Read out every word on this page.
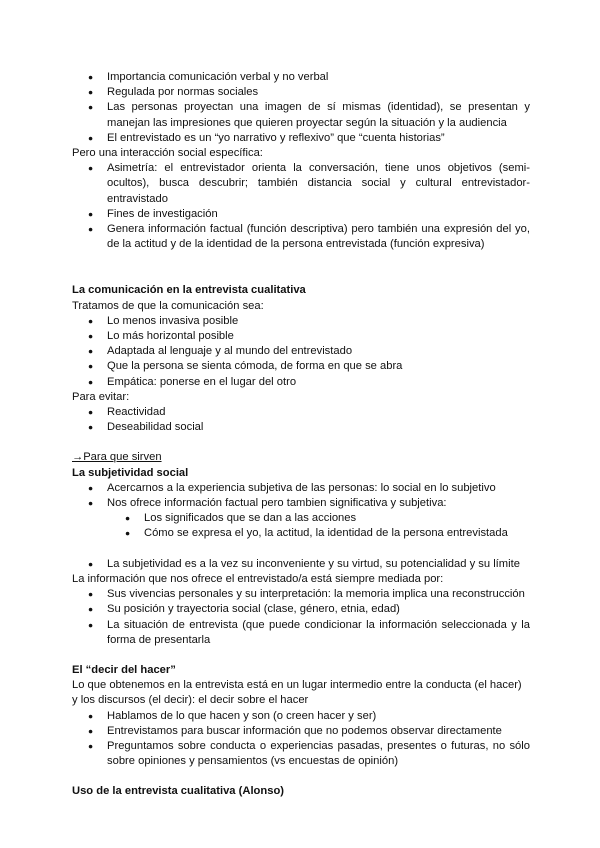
● Importancia comunicación verbal y no verbal
● Regulada por normas sociales
● Las personas proyectan una imagen de sí mismas (identidad), se presentan y manejan las impresiones que quieren proyectar según la situación y la audiencia
● El entrevistado es un “yo narrativo y reflexivo” que “cuenta historias”

Pero una interacción social específica:

● Asimetría: el entrevistador orienta la conversación, tiene unos objetivos (semi-ocultos), busca descubrir; también distancia social y cultural entrevistador-entravistado
● Fines de investigación
● Genera información factual (función descriptiva) pero también una expresión del yo, de la actitud y de la identidad de la persona entrevistada (función expresiva)

La comunicación en la entrevista cualitativa

Tratamos de que la comunicación sea:

● Lo menos invasiva posible
● Lo más horizontal posible
● Adaptada al lenguaje y al mundo del entrevistado
● Que la persona se sienta cómoda, de forma en que se abra
● Empática: ponerse en el lugar del otro

Para evitar:

● Reactividad
● Deseabilidad social

→Para que sirven

La subjetividad social

● Acercarnos a la experiencia subjetiva de las personas: lo social en lo subjetivo
● Nos ofrece información factual pero tambien significativa y subjetiva:
● Los significados que se dan a las acciones
● Cómo se expresa el yo, la actitud, la identidad de la persona entrevistada
● La subjetividad es a la vez su inconveniente y su virtud, su potencialidad y su límite

La información que nos ofrece el entrevistado/a está siempre mediada por:

● Sus vivencias personales y su interpretación: la memoria implica una reconstrucción
● Su posición y trayectoria social (clase, género, etnia, edad)
● La situación de entrevista (que puede condicionar la información seleccionada y la forma de presentarla

El “decir del hacer”

Lo que obtenemos en la entrevista está en un lugar intermedio entre la conducta (el hacer) y los discursos (el decir): el decir sobre el hacer

● Hablamos de lo que hacen y son (o creen hacer y ser)
● Entrevistamos para buscar información que no podemos observar directamente
● Preguntamos sobre conducta o experiencias pasadas, presentes o futuras, no sólo sobre opiniones y pensamientos (vs encuestas de opinión)

Uso de la entrevista cualitativa (Alonso)
